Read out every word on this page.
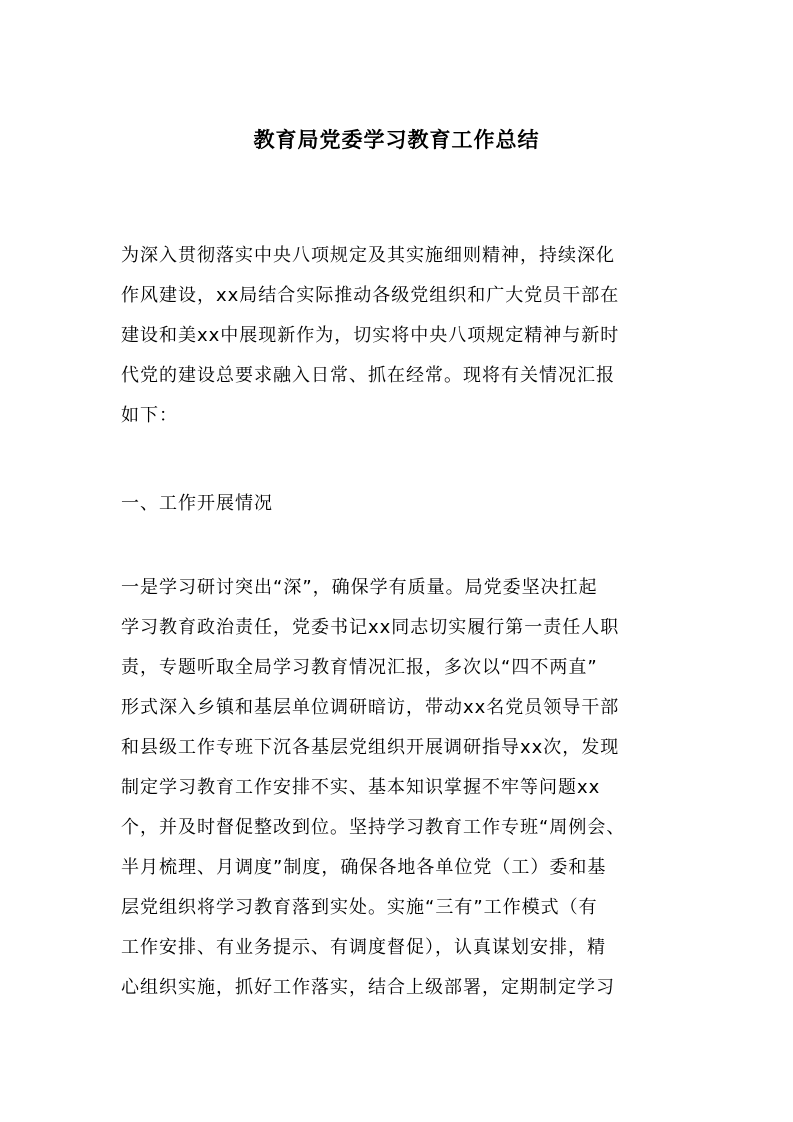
教育局党委学习教育工作总结
为深入贯彻落实中央八项规定及其实施细则精神，持续深化
作风建设，xx局结合实际推动各级党组织和广大党员干部在
建设和美xx中展现新作为，切实将中央八项规定精神与新时
代党的建设总要求融入日常、抓在经常。现将有关情况汇报
如下：
一、工作开展情况
一是学习研讨突出“深”，确保学有质量。局党委坚决扛起
学习教育政治责任，党委书记xx同志切实履行第一责任人职
责，专题听取全局学习教育情况汇报，多次以“四不两直”
形式深入乡镇和基层单位调研暗访，带动xx名党员领导干部
和县级工作专班下沉各基层党组织开展调研指导xx次，发现
制定学习教育工作安排不实、基本知识掌握不牢等问题xx
个，并及时督促整改到位。坚持学习教育工作专班“周例会、
半月梳理、月调度”制度，确保各地各单位党（工）委和基
层党组织将学习教育落到实处。实施“三有”工作模式（有
工作安排、有业务提示、有调度督促），认真谋划安排，精
心组织实施，抓好工作落实，结合上级部署，定期制定学习
